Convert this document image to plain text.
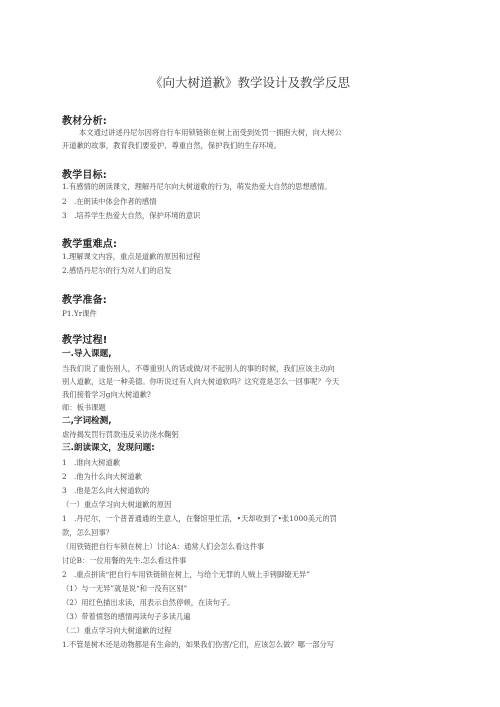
《向大树道歉》教学设计及教学反思
教材分析:
本文通过讲述丹尼尔因将自行车用锁链锁在树上而受到处罚一拥抱大树，向大树公
开道歉的故事，教育我们要爱护、尊重自然，保护我们的生存环境。
教学目标:
1.有感情的朗读课文，理解丹尼尔向大树道歌的行为，萌发热爱大自然的思想感情。
2　.在朗读中体会作者的感情
3　.培养学生热爱大自然，保护环境的意识
教学重难点:
1.理解课文内容，重点是道歉的原因和过程
2.感悟丹尼尔的行为对人们的启发
教学准备:
P1.Yr课件
教学过程!
一.导入课题,
当我们说了重伤别人，不尊重别人的话或做/对不起别人的事的时候，我们应该主动向
别人道歉，这是一种美德。你听说过有人向大树道软吗？这究竟是怎么一回事呢？今天
我们接着学习g向大树道歉?
师：板书课题
二,字词检测,
虐待揭发罚行罚款违反采访浇水鞠躬
三.朗读课文，发现问题:
1　.谁向大树道歉
2　.他为什么向大树道歉
3　.他是怎么向大树道软的
（一）重点学习向大树道歉的原因
1　.丹尼尔，一个普普通通的生意人，在餐馆里忙活，•天却收到了•张1000美元的罚
款，怎么回事？
（用铁链把自行车锁在树上）讨论A：通常人们会怎么看这件事
讨论B：一位用餐的先牛.怎么看这件事
2　.重点拼读“把自行车用铁链锁在树上，与给个无罪的人贼上手铐脚镣无异”
（1）与一无异”就是说“和一没有区别”
（2）用红色描出求读，用表示自然停顿，在读句子。
（3）带着愤怒的感情再读句子多读几遍
（二）重点学习向大树道歉的过程
1.不管是树木还是动物都是有生命的，如果我们伤害/它们，应该怎么做？哪一部分写
